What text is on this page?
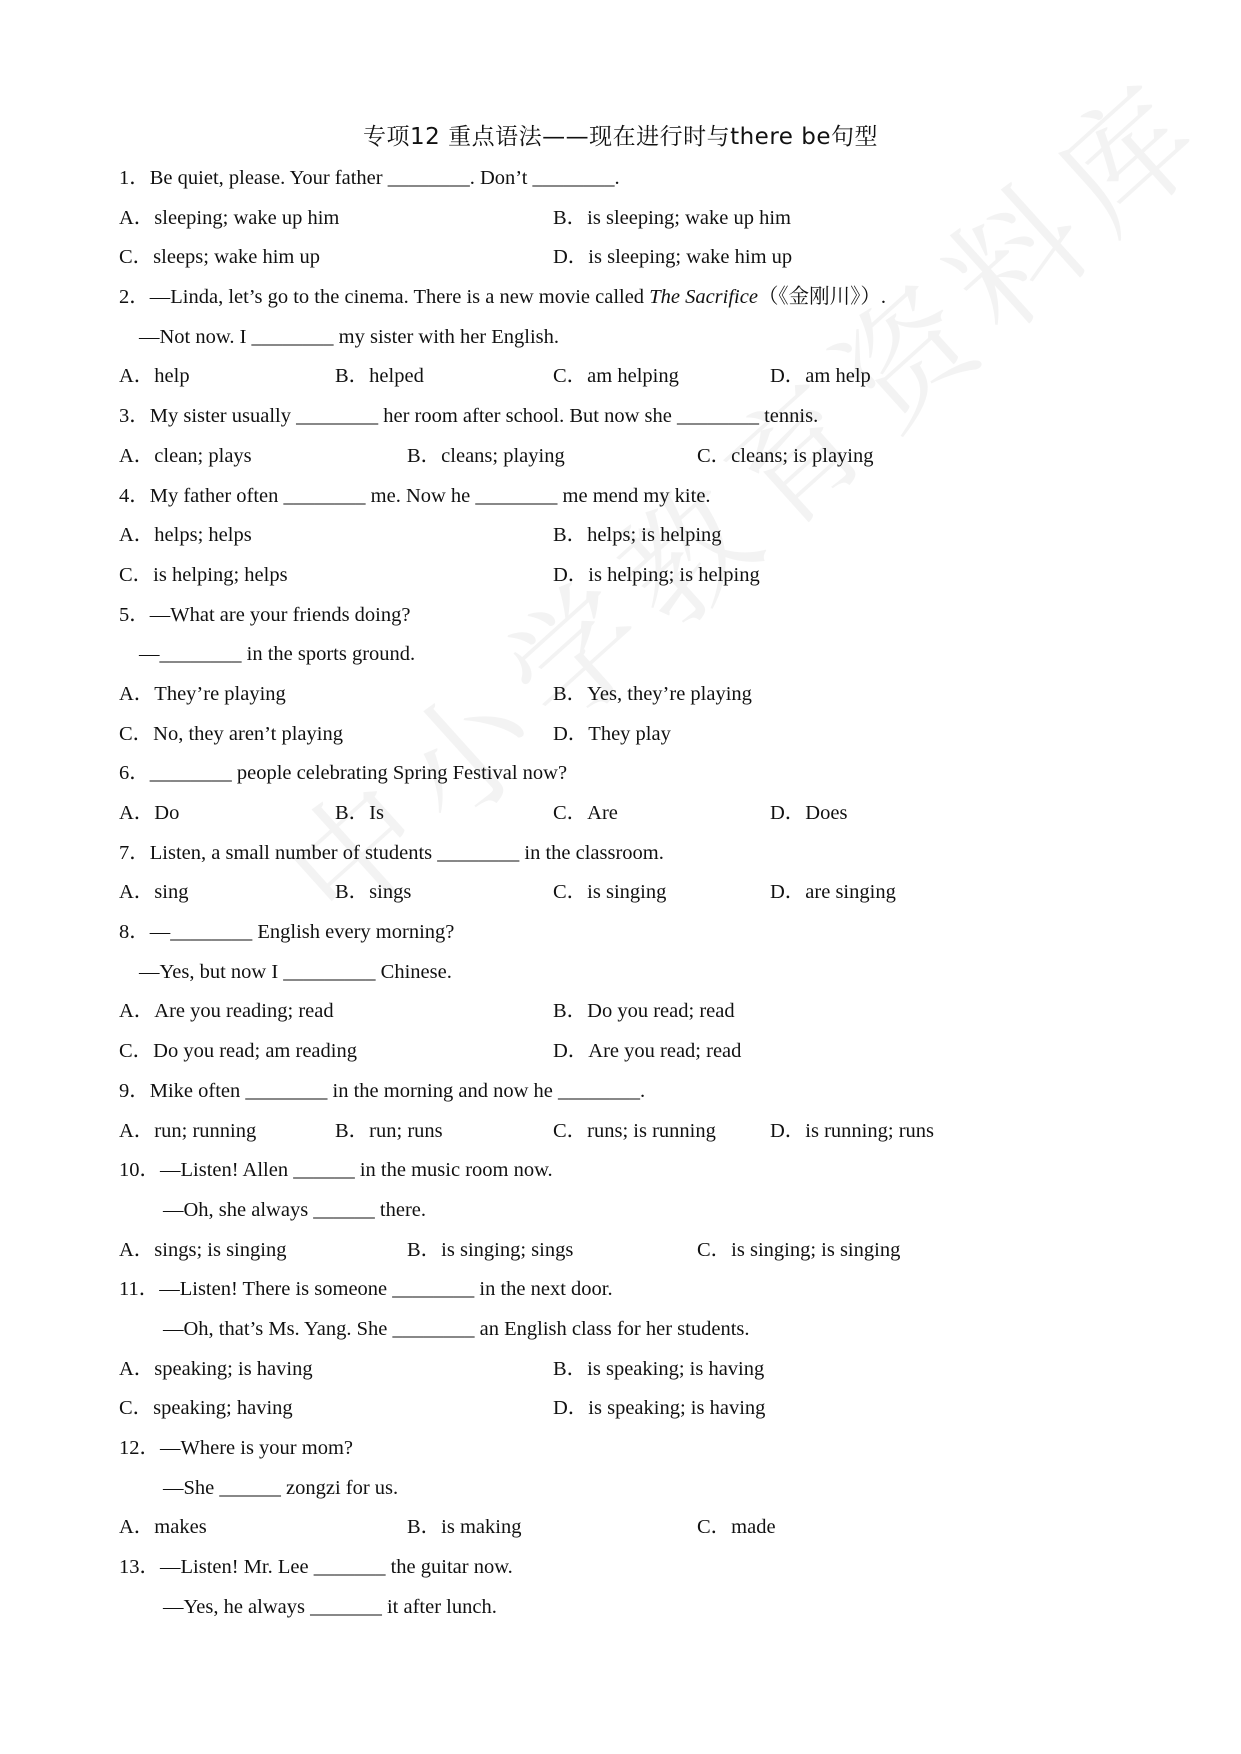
专项12 重点语法——现在进行时与there be句型
1．Be quiet, please. Your father ________. Don’t ________.
A．sleeping; wake up him	B．is sleeping; wake up him
C．sleeps; wake him up	D．is sleeping; wake him up
2．—Linda, let’s go to the cinema. There is a new movie called The Sacrifice（《金刚川》）.
—Not now. I ________ my sister with her English.
A．help	B．helped	C．am helping	D．am help
3．My sister usually ________ her room after school. But now she ________ tennis.
A．clean; plays	B．cleans; playing	C．cleans; is playing
4．My father often ________ me. Now he ________ me mend my kite.
A．helps; helps	B．helps; is helping
C．is helping; helps	D．is helping; is helping
5．—What are your friends doing?
—________ in the sports ground.
A．They’re playing	B．Yes, they’re playing
C．No, they aren’t playing	D．They play
6．________ people celebrating Spring Festival now?
A．Do	B．Is	C．Are	D．Does
7．Listen, a small number of students ________ in the classroom.
A．sing	B．sings	C．is singing	D．are singing
8．—________ English every morning?
—Yes, but now I _________ Chinese.
A．Are you reading; read	B．Do you read; read
C．Do you read; am reading	D．Are you read; read
9．Mike often ________ in the morning and now he ________.
A．run; running	B．run; runs	C．runs; is running	D．is running; runs
10．—Listen! Allen ______ in the music room now.
—Oh, she always ______ there.
A．sings; is singing	B．is singing; sings	C．is singing; is singing
11．—Listen! There is someone ________ in the next door.
—Oh, that’s Ms. Yang. She ________ an English class for her students.
A．speaking; is having	B．is speaking; is having
C．speaking; having	D．is speaking; is having
12．—Where is your mom?
—She ______ zongzi for us.
A．makes	B．is making	C．made
13．—Listen! Mr. Lee _______ the guitar now.
—Yes, he always _______ it after lunch.
